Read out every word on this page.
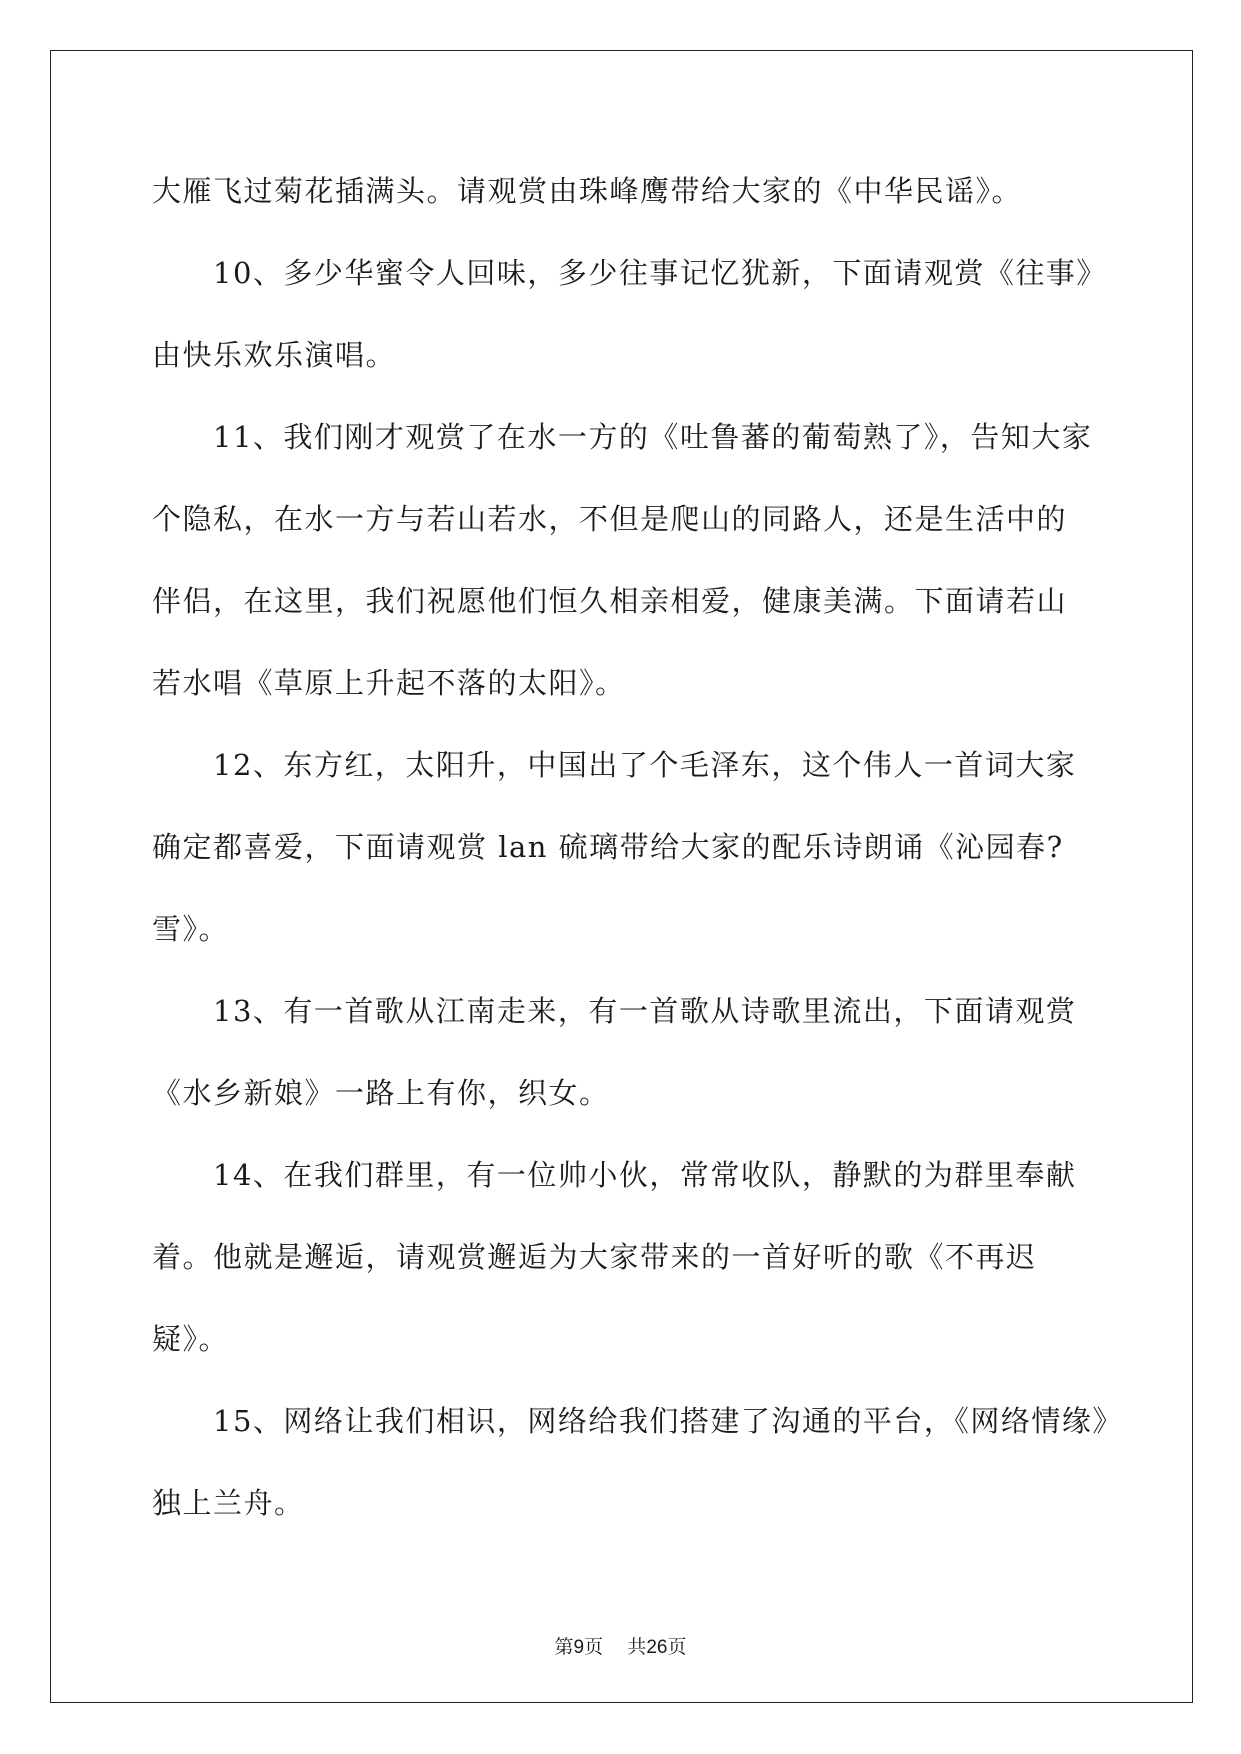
大雁飞过菊花插满头。请观赏由珠峰鹰带给大家的《中华民谣》。
　　10、多少华蜜令人回味，多少往事记忆犹新，下面请观赏《往事》
由快乐欢乐演唱。
　　11、我们刚才观赏了在水一方的《吐鲁蕃的葡萄熟了》，告知大家
个隐私，在水一方与若山若水，不但是爬山的同路人，还是生活中的
伴侣，在这里，我们祝愿他们恒久相亲相爱，健康美满。下面请若山
若水唱《草原上升起不落的太阳》。
　　12、东方红，太阳升，中国出了个毛泽东，这个伟人一首词大家
确定都喜爱，下面请观赏 lan 硫璃带给大家的配乐诗朗诵《沁园春?
雪》。
　　13、有一首歌从江南走来，有一首歌从诗歌里流出，下面请观赏
《水乡新娘》一路上有你，织女。
　　14、在我们群里，有一位帅小伙，常常收队，静默的为群里奉献
着。他就是邂逅，请观赏邂逅为大家带来的一首好听的歌《不再迟
疑》。
　　15、网络让我们相识，网络给我们搭建了沟通的平台，《网络情缘》
独上兰舟。

第9页 共26页
